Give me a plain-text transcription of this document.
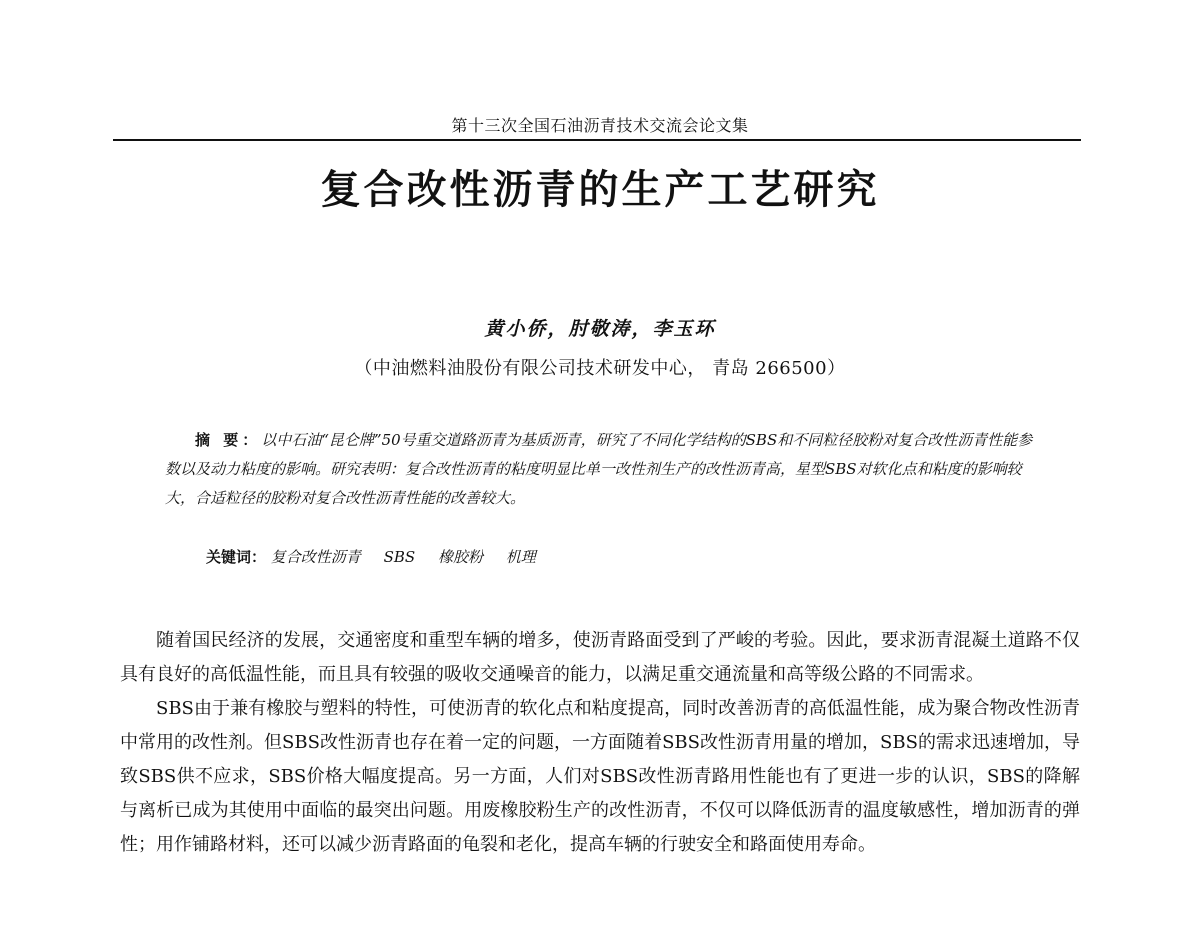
第十三次全国石油沥青技术交流会论文集
复合改性沥青的生产工艺研究
黄小侨，肘敬涛，李玉环
（中油燃料油股份有限公司技术研发中心， 青岛 266500）

摘 要：以中石油“昆仑牌”50号重交道路沥青为基质沥青，研究了不同化学结构的SBS和不同粒径胶粉对复合改性沥青性能参数以及动力粘度的影响。研究表明：复合改性沥青的粘度明显比单一改性剂生产的改性沥青高，星型SBS对软化点和粘度的影响较大，合适粒径的胶粉对复合改性沥青性能的改善较大。

关键词： 复合改性沥青 SBS 橡胶粉 机理

随着国民经济的发展，交通密度和重型车辆的增多，使沥青路面受到了严峻的考验。因此，要求沥青混凝土道路不仅具有良好的高低温性能，而且具有较强的吸收交通噪音的能力，以满足重交通流量和高等级公路的不同需求。

SBS由于兼有橡胶与塑料的特性，可使沥青的软化点和粘度提高，同时改善沥青的高低温性能，成为聚合物改性沥青中常用的改性剂。但SBS改性沥青也存在着一定的问题，一方面随着SBS改性沥青用量的增加，SBS的需求迅速增加，导致SBS供不应求，SBS价格大幅度提高。另一方面，人们对SBS改性沥青路用性能也有了更进一步的认识，SBS的降解与离析已成为其使用中面临的最突出问题。用废橡胶粉生产的改性沥青，不仅可以降低沥青的温度敏感性，增加沥青的弹性；用作铺路材料，还可以减少沥青路面的龟裂和老化，提高车辆的行驶安全和路面使用寿命。
